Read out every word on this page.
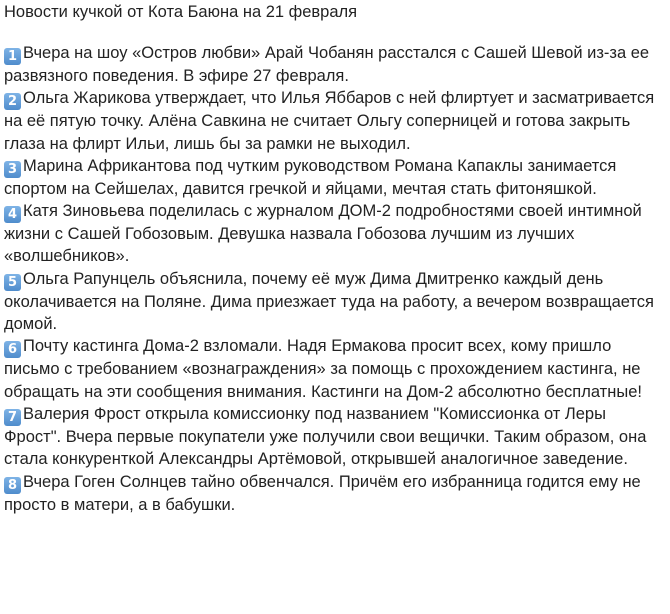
Новости кучкой от Кота Баюна на 21 февраля
1 Вчера на шоу «Остров любви» Арай Чобанян расстался с Сашей Шевой из-за ее развязного поведения. В эфире 27 февраля.
2 Ольга Жарикова утверждает, что Илья Яббаров с ней флиртует и засматривается на её пятую точку. Алёна Савкина не считает Ольгу соперницей и готова закрыть глаза на флирт Ильи, лишь бы за рамки не выходил.
3 Марина Африкантова под чутким руководством Романа Капаклы занимается спортом на Сейшелах, давится гречкой и яйцами, мечтая стать фитоняшкой.
4 Катя Зиновьева поделилась с журналом ДОМ-2 подробностями своей интимной жизни с Сашей Гобозовым. Девушка назвала Гобозова лучшим из лучших «волшебников».
5 Ольга Рапунцель объяснила, почему её муж Дима Дмитренко каждый день околачивается на Поляне. Дима приезжает туда на работу, а вечером возвращается домой.
6 Почту кастинга Дома-2 взломали. Надя Ермакова просит всех, кому пришло письмо с требованием «вознаграждения» за помощь с прохождением кастинга, не обращать на эти сообщения внимания. Кастинги на Дом-2 абсолютно бесплатные!
7 Валерия Фрост открыла комиссионку под названием "Комиссионка от Леры Фрост". Вчера первые покупатели уже получили свои вещички. Таким образом, она стала конкуренткой Александры Артёмовой, открывшей аналогичное заведение.
8 Вчера Гоген Солнцев тайно обвенчался. Причём его избранница годится ему не просто в матери, а в бабушки.
